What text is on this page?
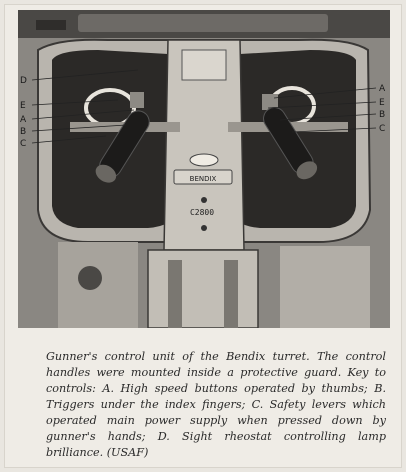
BENDIX
C2800
D
E
A
B
C
A
E
B
C

Gunner's control unit of the Bendix turret. The control handles were mounted inside a protective guard. Key to controls: A. High speed buttons operated by thumbs; B. Triggers under the index fingers; C. Safety levers which operated main power supply when pressed down by gunner's hands; D. Sight rheostat controlling lamp brilliance. (USAF)
